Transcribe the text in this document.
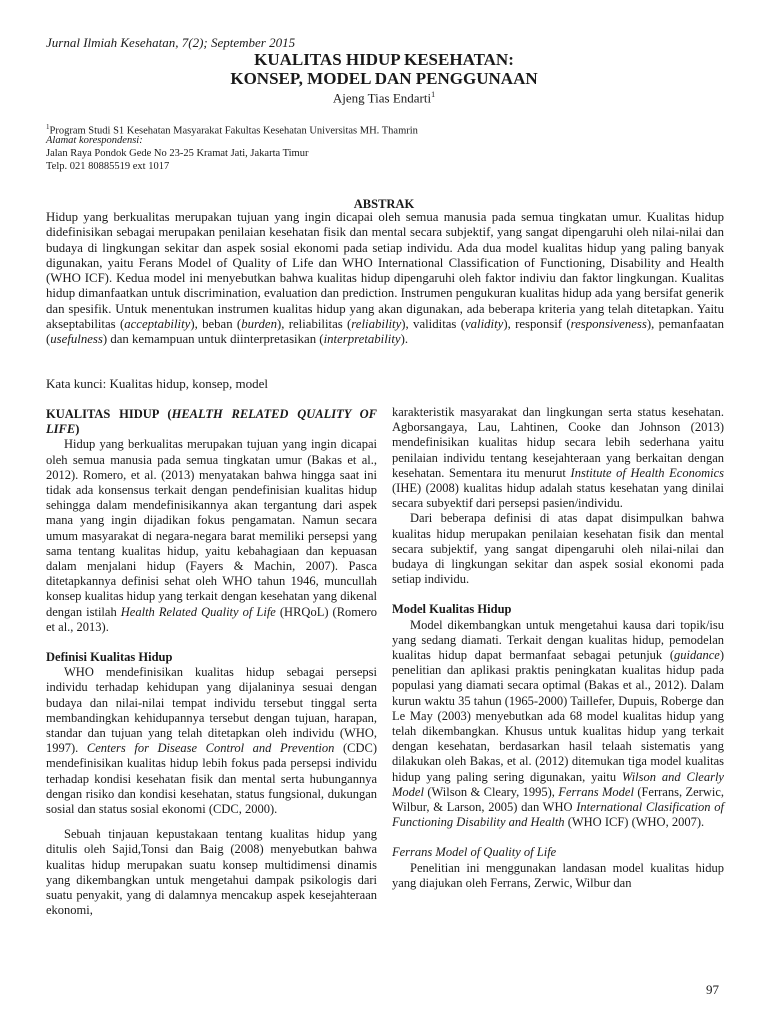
Jurnal Ilmiah Kesehatan, 7(2); September 2015
KUALITAS HIDUP KESEHATAN:
KONSEP, MODEL DAN PENGGUNAAN
Ajeng Tias Endarti$^1$
$^1$Program Studi S1 Kesehatan Masyarakat Fakultas Kesehatan Universitas MH. Thamrin
Alamat korespondensi:
Jalan Raya Pondok Gede No 23-25 Kramat Jati, Jakarta Timur
Telp. 021 80885519 ext 1017
ABSTRAK

Hidup yang berkualitas merupakan tujuan yang ingin dicapai oleh semua manusia pada semua tingkatan umur. Kualitas hidup didefinisikan sebagai merupakan penilaian kesehatan fisik dan mental secara subjektif, yang sangat dipengaruhi oleh nilai-nilai dan budaya di lingkungan sekitar dan aspek sosial ekonomi pada setiap individu. Ada dua model kualitas hidup yang paling banyak digunakan, yaitu Ferans Model of Quality of Life dan WHO International Classification of Functioning, Disability and Health (WHO ICF). Kedua model ini menyebutkan bahwa kualitas hidup dipengaruhi oleh faktor indiviu dan faktor lingkungan. Kualitas hidup dimanfaatkan untuk discrimination, evaluation dan prediction. Instrumen pengukuran kualitas hidup ada yang bersifat generik dan spesifik. Untuk menentukan instrumen kualitas hidup yang akan digunakan, ada beberapa kriteria yang telah ditetapkan. Yaitu akseptabilitas (acceptability), beban (burden), reliabilitas (reliability), validitas (validity), responsif (responsiveness), pemanfaatan (usefulness) dan kemampuan untuk diinterpretasikan (interpretability).

Kata kunci: Kualitas hidup, konsep, model

KUALITAS HIDUP (HEALTH RELATED QUALITY OF LIFE)

Hidup yang berkualitas merupakan tujuan yang ingin dicapai oleh semua manusia pada semua tingkatan umur (Bakas et al., 2012). Romero, et al. (2013) menyatakan bahwa hingga saat ini tidak ada konsensus terkait dengan pendefinisian kualitas hidup sehingga dalam mendefinisikannya akan tergantung dari aspek mana yang ingin dijadikan fokus pengamatan. Namun secara umum masyarakat di negara-negara barat memiliki persepsi yang sama tentang kualitas hidup, yaitu kebahagiaan dan kepuasan dalam menjalani hidup (Fayers & Machin, 2007). Pasca ditetapkannya definisi sehat oleh WHO tahun 1946, muncullah konsep kualitas hidup yang terkait dengan kesehatan yang dikenal dengan istilah Health Related Quality of Life (HRQoL) (Romero et al., 2013).

Definisi Kualitas Hidup

WHO mendefinisikan kualitas hidup sebagai persepsi individu terhadap kehidupan yang dijalaninya sesuai dengan budaya dan nilai-nilai tempat individu tersebut tinggal serta membandingkan kehidupannya tersebut dengan tujuan, harapan, standar dan tujuan yang telah ditetapkan oleh individu (WHO, 1997). Centers for Disease Control and Prevention (CDC) mendefinisikan kualitas hidup lebih fokus pada persepsi individu terhadap kondisi kesehatan fisik dan mental serta hubungannya dengan risiko dan kondisi kesehatan, status fungsional, dukungan sosial dan status sosial ekonomi (CDC, 2000).

Sebuah tinjauan kepustakaan tentang kualitas hidup yang ditulis oleh Sajid,Tonsi dan Baig (2008) menyebutkan bahwa kualitas hidup merupakan suatu konsep multidimensi dinamis yang dikembangkan untuk mengetahui dampak psikologis dari suatu penyakit, yang di dalamnya mencakup aspek kesejahteraan ekonomi,

karakteristik masyarakat dan lingkungan serta status kesehatan. Agborsangaya, Lau, Lahtinen, Cooke dan Johnson (2013) mendefinisikan kualitas hidup secara lebih sederhana yaitu penilaian individu tentang kesejahteraan yang berkaitan dengan kesehatan. Sementara itu menurut Institute of Health Economics (IHE) (2008) kualitas hidup adalah status kesehatan yang dinilai secara subyektif dari persepsi pasien/individu.

Dari beberapa definisi di atas dapat disimpulkan bahwa kualitas hidup merupakan penilaian kesehatan fisik dan mental secara subjektif, yang sangat dipengaruhi oleh nilai-nilai dan budaya di lingkungan sekitar dan aspek sosial ekonomi pada setiap individu.

Model Kualitas Hidup

Model dikembangkan untuk mengetahui kausa dari topik/isu yang sedang diamati. Terkait dengan kualitas hidup, pemodelan kualitas hidup dapat bermanfaat sebagai petunjuk (guidance) penelitian dan aplikasi praktis peningkatan kualitas hidup pada populasi yang diamati secara optimal (Bakas et al., 2012). Dalam kurun waktu 35 tahun (1965-2000) Taillefer, Dupuis, Roberge dan Le May (2003) menyebutkan ada 68 model kualitas hidup yang telah dikembangkan. Khusus untuk kualitas hidup yang terkait dengan kesehatan, berdasarkan hasil telaah sistematis yang dilakukan oleh Bakas, et al. (2012) ditemukan tiga model kualitas hidup yang paling sering digunakan, yaitu Wilson and Clearly Model (Wilson & Cleary, 1995), Ferrans Model (Ferrans, Zerwic, Wilbur, & Larson, 2005) dan WHO International Clasification of Functioning Disability and Health (WHO ICF) (WHO, 2007).

Ferrans Model of Quality of Life

Penelitian ini menggunakan landasan model kualitas hidup yang diajukan oleh Ferrans, Zerwic, Wilbur dan

97
